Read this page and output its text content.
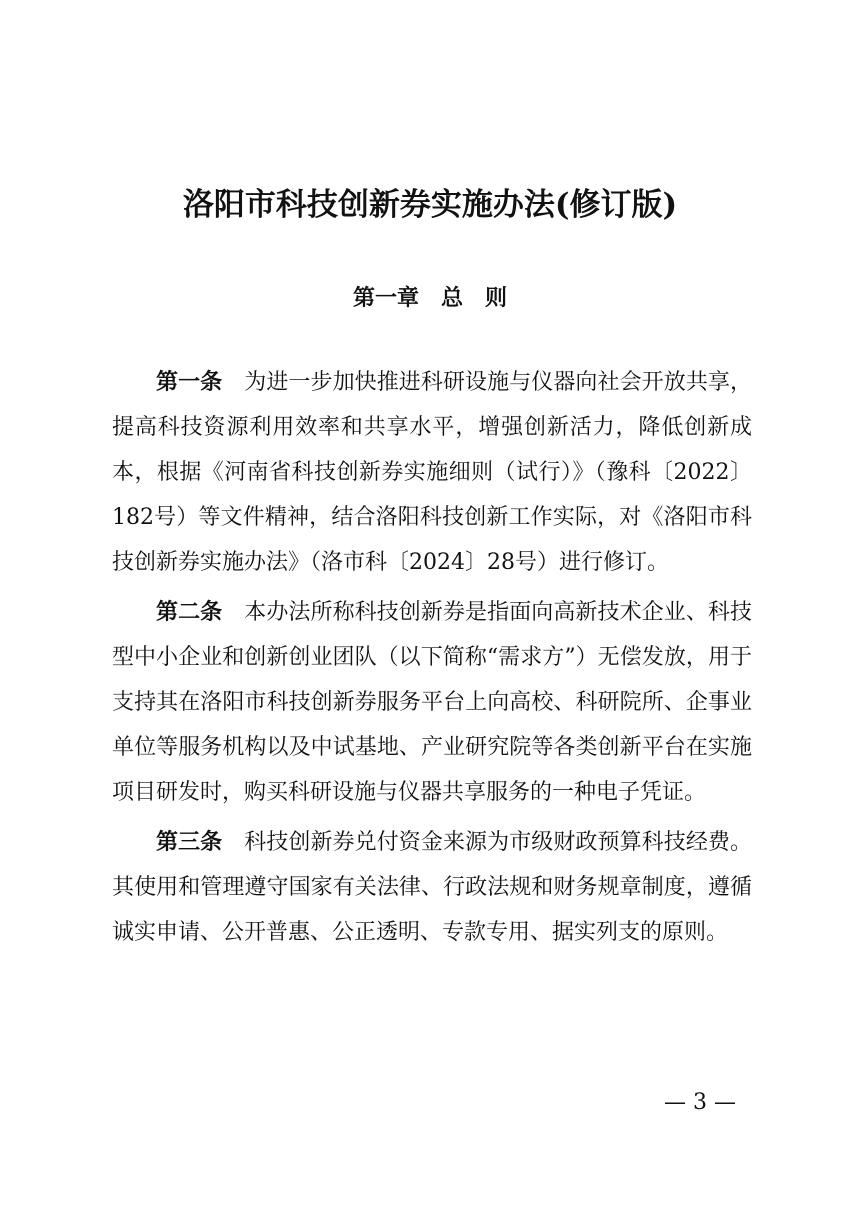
洛阳市科技创新券实施办法(修订版)
第一章　总　则

第一条 为进一步加快推进科研设施与仪器向社会开放共享，提高科技资源利用效率和共享水平，增强创新活力，降低创新成本，根据《河南省科技创新券实施细则（试行）》（豫科〔2022〕182号）等文件精神，结合洛阳科技创新工作实际，对《洛阳市科技创新券实施办法》（洛市科〔2024〕28号）进行修订。

第二条 本办法所称科技创新券是指面向高新技术企业、科技型中小企业和创新创业团队（以下简称“需求方”）无偿发放，用于支持其在洛阳市科技创新券服务平台上向高校、科研院所、企事业单位等服务机构以及中试基地、产业研究院等各类创新平台在实施项目研发时，购买科研设施与仪器共享服务的一种电子凭证。

第三条 科技创新券兑付资金来源为市级财政预算科技经费。其使用和管理遵守国家有关法律、行政法规和财务规章制度，遵循诚实申请、公开普惠、公正透明、专款专用、据实列支的原则。

— 3 —
